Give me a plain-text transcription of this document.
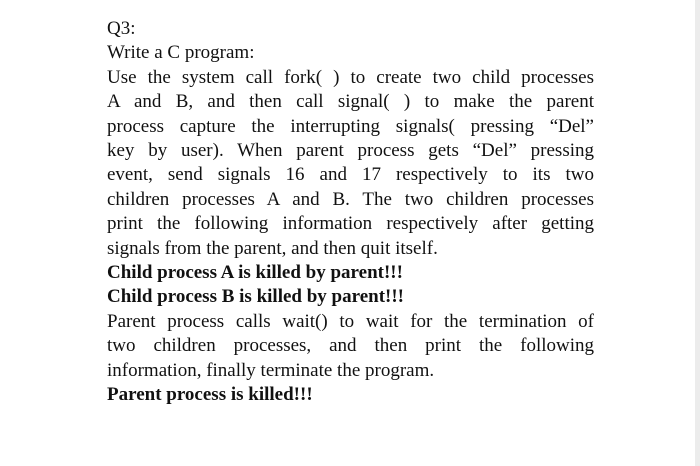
Q3:
Write a C program:
Use the system call fork( ) to create two child processes
A and B, and then call signal( ) to make the parent
process capture the interrupting signals( pressing “Del”
key by user). When parent process gets “Del” pressing
event, send signals 16 and 17 respectively to its two
children processes A and B. The two children processes
print the following information respectively after getting
signals from the parent, and then quit itself.
Child process A is killed by parent!!!
Child process B is killed by parent!!!
Parent process calls wait() to wait for the termination of
two children processes, and then print the following
information, finally terminate the program.
Parent process is killed!!!
